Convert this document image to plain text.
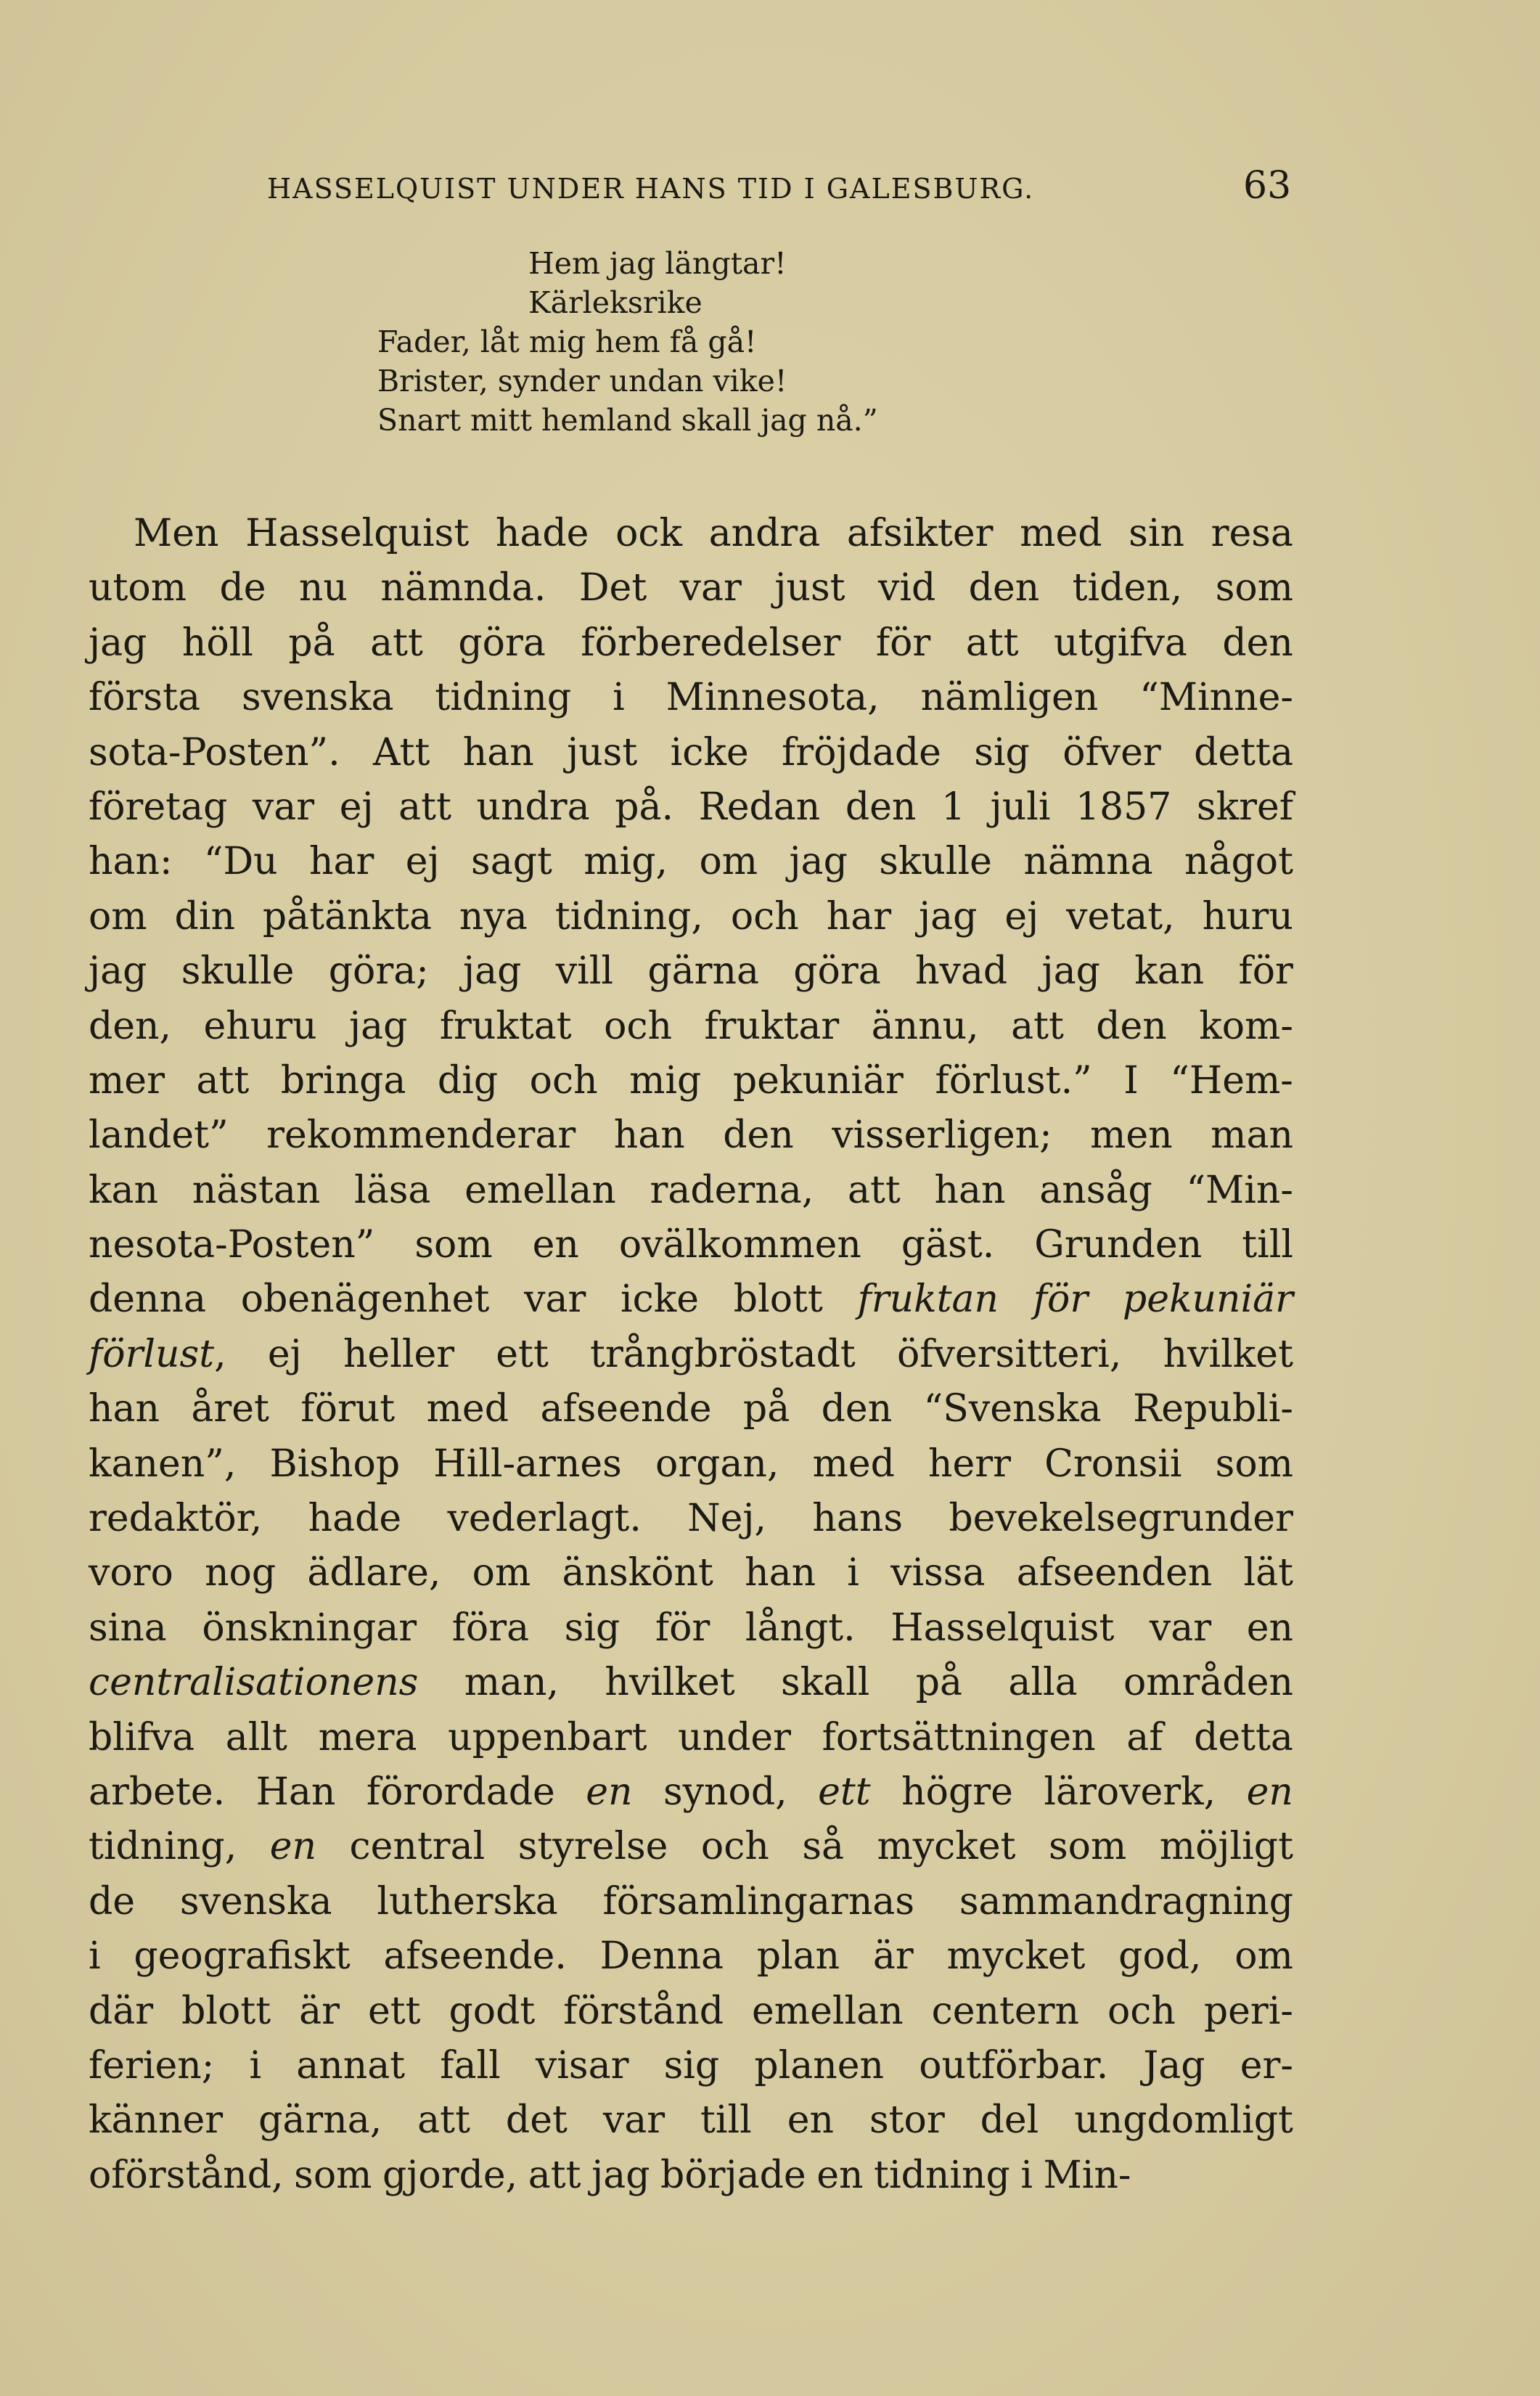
HASSELQUIST UNDER HANS TID I GALESBURG.	63
Hem jag längtar!
Kärleksrike
Fader, låt mig hem få gå!
Brister, synder undan vike!
Snart mitt hemland skall jag nå.”
Men Hasselquist hade ock andra afsikter med sin resa
utom de nu nämnda. Det var just vid den tiden, som
jag höll på att göra förberedelser för att utgifva den
första svenska tidning i Minnesota, nämligen “Minne-
sota-Posten”. Att han just icke fröjdade sig öfver detta
företag var ej att undra på. Redan den 1 juli 1857 skref
han: “Du har ej sagt mig, om jag skulle nämna något
om din påtänkta nya tidning, och har jag ej vetat, huru
jag skulle göra; jag vill gärna göra hvad jag kan för
den, ehuru jag fruktat och fruktar ännu, att den kom-
mer att bringa dig och mig pekuniär förlust.” I “Hem-
landet” rekommenderar han den visserligen; men man
kan nästan läsa emellan raderna, att han ansåg “Min-
nesota-Posten” som en ovälkommen gäst. Grunden till
denna obenägenhet var icke blott fruktan för pekuniär
förlust, ej heller ett trångbröstadt öfversitteri, hvilket
han året förut med afseende på den “Svenska Republi-
kanen”, Bishop Hill-arnes organ, med herr Cronsii som
redaktör, hade vederlagt. Nej, hans bevekelsegrunder
voro nog ädlare, om änskönt han i vissa afseenden lät
sina önskningar föra sig för långt. Hasselquist var en
centralisationens man, hvilket skall på alla områden
blifva allt mera uppenbart under fortsättningen af detta
arbete. Han förordade en synod, ett högre läroverk, en
tidning, en central styrelse och så mycket som möjligt
de svenska lutherska församlingarnas sammandragning
i geografiskt afseende. Denna plan är mycket god, om
där blott är ett godt förstånd emellan centern och peri-
ferien; i annat fall visar sig planen outförbar. Jag er-
känner gärna, att det var till en stor del ungdomligt
oförstånd, som gjorde, att jag började en tidning i Min-
